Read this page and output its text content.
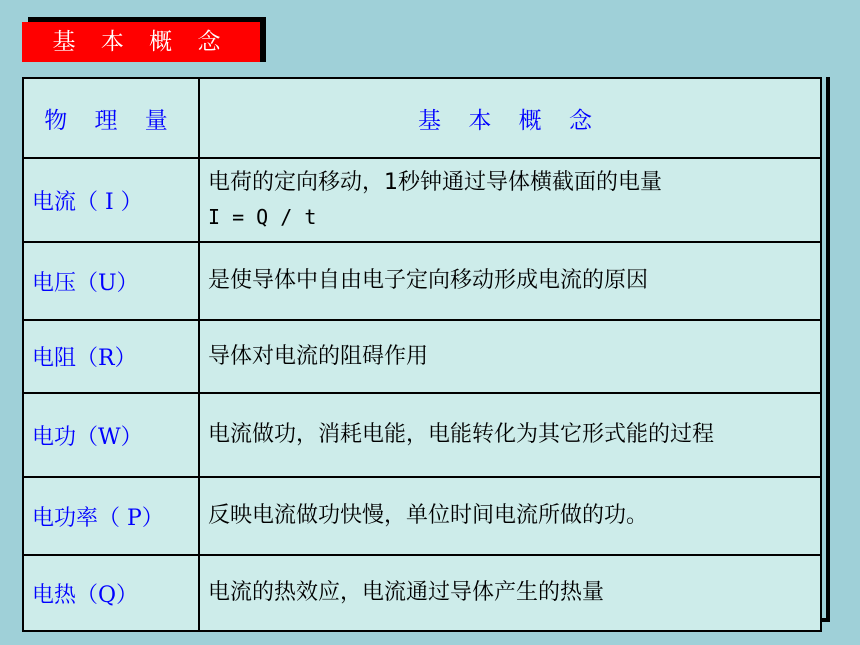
基 本 概 念
物 理 量	基 本 概 念
电流（ I ）	电荷的定向移动，1秒钟通过导体横截面的电量
I = Q / t

电压（U）	是使导体中自由电子定向移动形成电流的原因
电阻（R）	导体对电流的阻碍作用
电功（W）	电流做功，消耗电能，电能转化为其它形式能的过程
电功率（ P）	反映电流做功快慢，单位时间电流所做的功。
电热（Q）	电流的热效应，电流通过导体产生的热量
